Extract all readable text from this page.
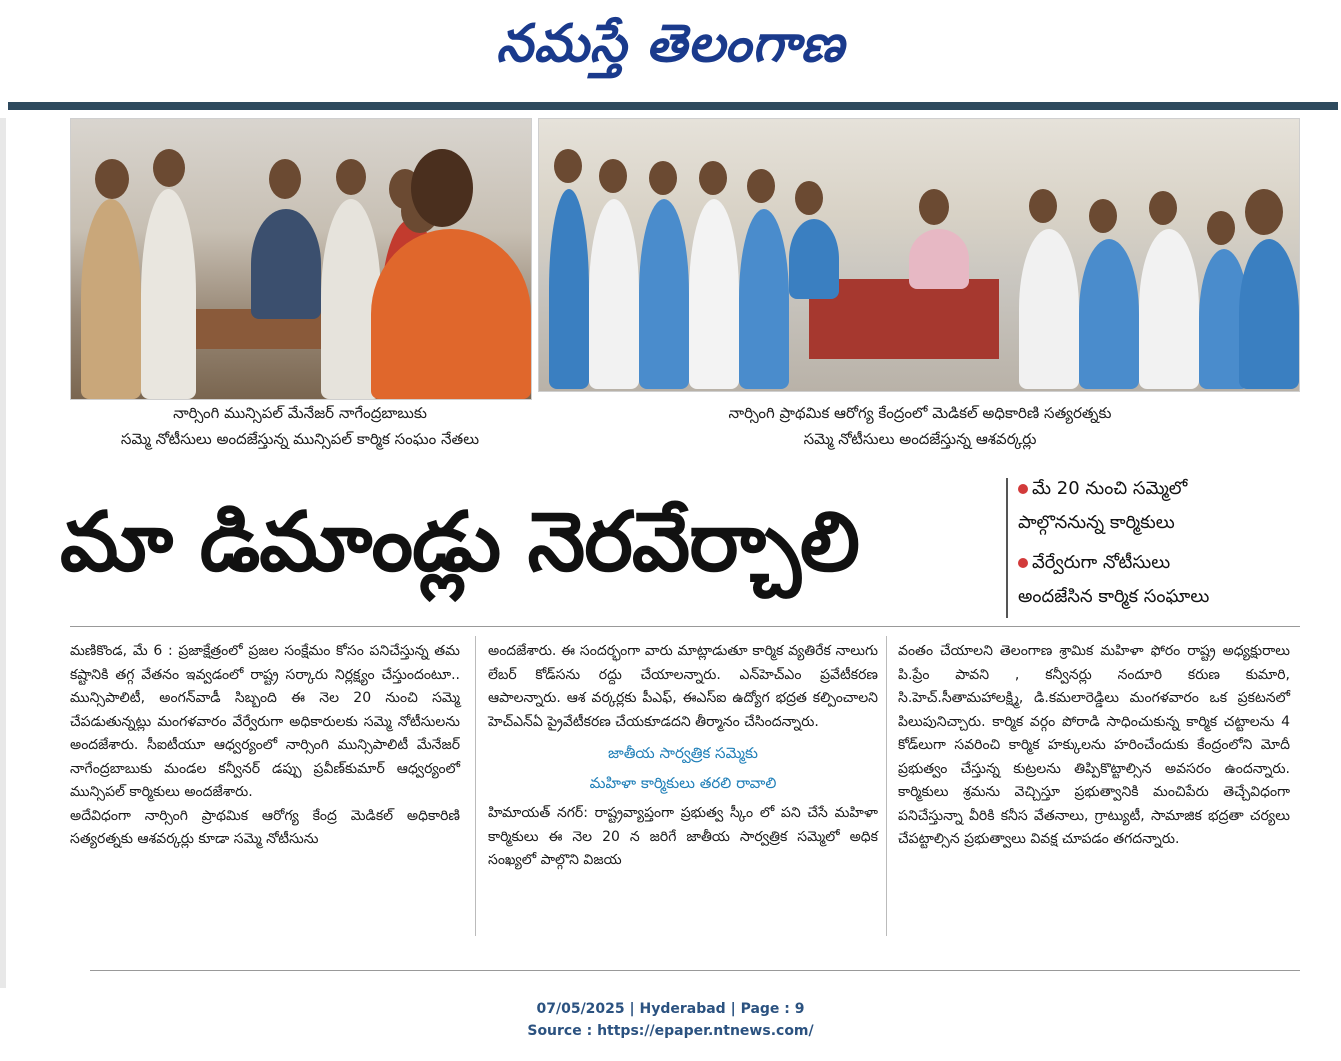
నమస్తే తెలంగాణ
నార్సింగి మున్సిపల్ మేనేజర్ నాగేంద్రబాబుకు
సమ్మె నోటీసులు అందజేస్తున్న మున్సిపల్ కార్మిక సంఘం నేతలు
నార్సింగి ప్రాథమిక ఆరోగ్య కేంద్రంలో మెడికల్ అధికారిణి సత్యరత్నకు
సమ్మె నోటీసులు అందజేస్తున్న ఆశవర్కర్లు
మా డిమాండ్లు నెరవేర్చాలి
మే 20 నుంచి సమ్మెలో
పాల్గొననున్న కార్మికులు
వేర్వేరుగా నోటీసులు
అందజేసిన కార్మిక సంఘాలు

మణికొండ, మే 6 : ప్రజాక్షేత్రంలో ప్రజల సంక్షేమం కోసం పనిచేస్తున్న తమ కష్టానికి తగ్గ వేతనం ఇవ్వడంలో రాష్ట్ర సర్కారు నిర్లక్ష్యం చేస్తుందంటూ.. మున్సిపాలిటీ, అంగన్‌వాడీ సిబ్బంది ఈ నెల 20 నుంచి సమ్మె చేపడుతున్నట్లు మంగళవారం వేర్వేరుగా అధికారులకు సమ్మె నోటీసులను అందజేశారు. సీఐటీయూ ఆధ్వర్యంలో నార్సింగి మున్సిపాలిటీ మేనేజర్ నాగేంద్రబాబుకు మండల కన్వీనర్ డప్పు ప్రవీణ్‌కుమార్ ఆధ్వర్యంలో మున్సిపల్ కార్మికులు అందజేశారు.

అదేవిధంగా నార్సింగి ప్రాథమిక ఆరోగ్య కేంద్ర మెడికల్ అధికారిణి సత్యరత్నకు ఆశవర్కర్లు కూడా సమ్మె నోటీసును

అందజేశారు. ఈ సందర్భంగా వారు మాట్లాడుతూ కార్మిక వ్యతిరేక నాలుగు లేబర్ కోడ్‌సను రద్దు చేయాలన్నారు. ఎన్‌హెచ్‌ఎం ప్రవేటీకరణ ఆపాలన్నారు. ఆశ వర్కర్లకు పీఎఫ్, ఈఎస్‌ఐ ఉద్యోగ భద్రత కల్పించాలని హెచ్‌ఎన్‌ఏ ప్రైవేటీకరణ చేయకూడదని తీర్మానం చేసిందన్నారు.

జాతీయ సార్వత్రిక సమ్మెకు
మహిళా కార్మికులు తరలి రావాలి

హిమాయత్ నగర్: రాష్ట్రవ్యాప్తంగా ప్రభుత్వ స్కీం లో పని చేసే మహిళా కార్మికులు ఈ నెల 20 న జరిగే జాతీయ సార్వత్రిక సమ్మెలో అధిక సంఖ్యలో పాల్గొని విజయ

వంతం చేయాలని తెలంగాణ శ్రామిక మహిళా ఫోరం రాష్ట్ర అధ్యక్షురాలు పి.ప్రేం పావని , కన్వీనర్లు నందూరి కరుణ కుమారి, సి.హెచ్.సీతామహాలక్ష్మి, డి.కమలారెడ్డిలు మంగళవారం ఒక ప్రకటనలో పిలుపునిచ్చారు. కార్మిక వర్గం పోరాడి సాధించుకున్న కార్మిక చట్టాలను 4 కోడ్‌లుగా సవరించి కార్మిక హక్కులను హరించేందుకు కేంద్రంలోని మోదీ ప్రభుత్వం చేస్తున్న కుట్రలను తిప్పికొట్టాల్సిన అవసరం ఉందన్నారు. కార్మికులు శ్రమను వెచ్చిస్తూ ప్రభుత్వానికి మంచిపేరు తెచ్చేవిధంగా పనిచేస్తున్నా వీరికి కనీస వేతనాలు, గ్రాట్యుటీ, సామాజిక భద్రతా చర్యలు చేపట్టాల్సిన ప్రభుత్వాలు వివక్ష చూపడం తగదన్నారు.

07/05/2025 | Hyderabad | Page : 9
Source : https://epaper.ntnews.com/
